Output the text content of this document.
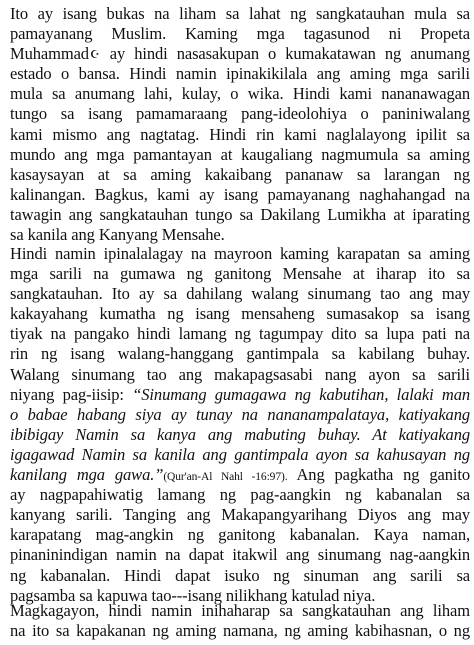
Ito ay isang bukas na liham sa lahat ng sangkatauhan mula sa
pamayanang Muslim. Kaming mga tagasunod ni Propeta
Muhammad☪ ay hindi nasasakupan o kumakatawan ng anumang
estado o bansa. Hindi namin ipinakikilala ang aming mga sarili
mula sa anumang lahi, kulay, o wika. Hindi kami nananawagan
tungo sa isang pamamaraang pang-ideolohiya o paniniwalang
kami mismo ang nagtatag. Hindi rin kami naglalayong ipilit sa
mundo ang mga pamantayan at kaugaliang nagmumula sa aming
kasaysayan at sa aming kakaibang pananaw sa larangan ng
kalinangan. Bagkus, kami ay isang pamayanang naghahangad na
tawagin ang sangkatauhan tungo sa Dakilang Lumikha at iparating
sa kanila ang Kanyang Mensahe.
Hindi namin ipinalalagay na mayroon kaming karapatan sa aming
mga sarili na gumawa ng ganitong Mensahe at iharap ito sa
sangkatauhan. Ito ay sa dahilang walang sinumang tao ang may
kakayahang kumatha ng isang mensaheng sumasakop sa isang
tiyak na pangako hindi lamang ng tagumpay dito sa lupa pati na
rin ng isang walang-hanggang gantimpala sa kabilang buhay.
Walang sinumang tao ang makapagsasabi nang ayon sa sarili
niyang pag-iisip: “Sinumang gumagawa ng kabutihan, lalaki man
o babae habang siya ay tunay na nananampalataya, katiyakang
ibibigay Namin sa kanya ang mabuting buhay. At katiyakang
igagawad Namin sa kanila ang gantimpala ayon sa kahusayan ng
kanilang mga gawa.”(Qur'an-Al Nahl -16:97). Ang pagkatha ng ganito
ay nagpapahiwatig lamang ng pag-aangkin ng kabanalan sa
kanyang sarili. Tanging ang Makapangyarihang Diyos ang may
karapatang mag-angkin ng ganitong kabanalan. Kaya naman,
pinaninindigan namin na dapat itakwil ang sinumang nag-aangkin
ng kabanalan. Hindi dapat isuko ng sinuman ang sarili sa
pagsamba sa kapuwa tao---isang nilikhang katulad niya.
Magkagayon, hindi namin inihaharap sa sangkatauhan ang liham
na ito sa kapakanan ng aming namana, ng aming kabihasnan, o ng
